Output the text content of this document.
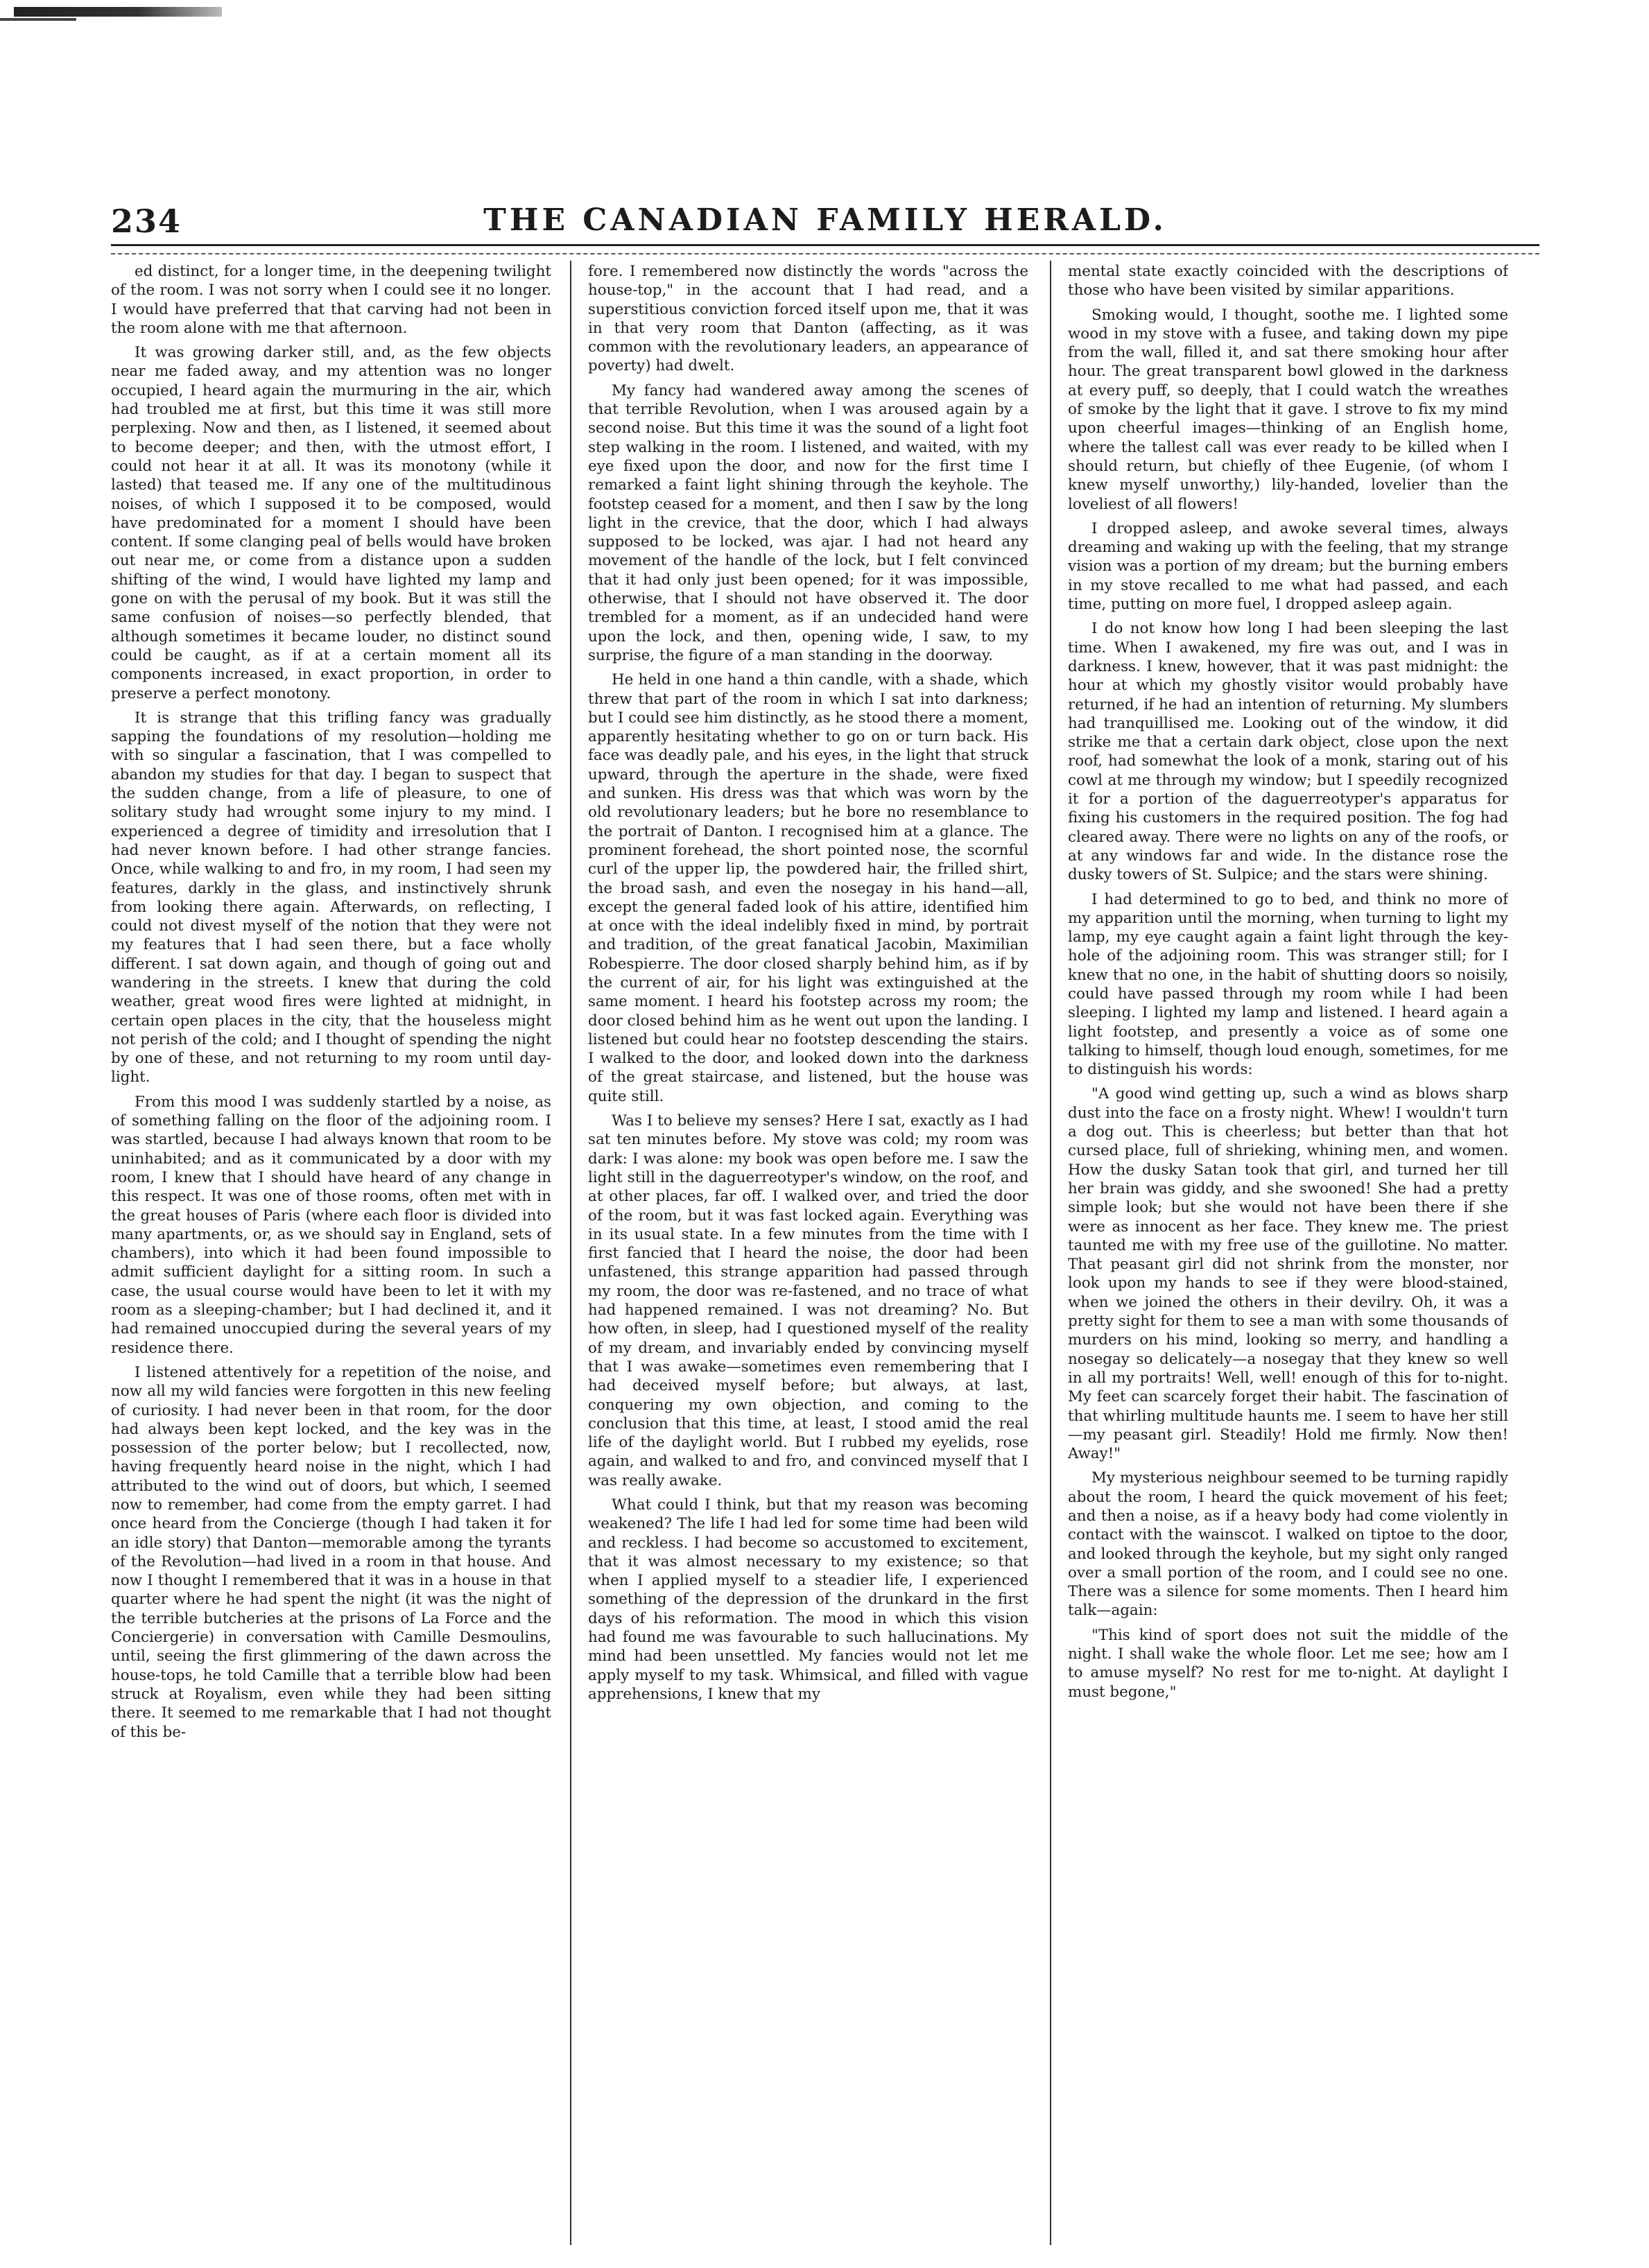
234	THE CANADIAN FAMILY HERALD.

ed distinct, for a longer time, in the deepening twilight of the room. I was not sorry when I could see it no longer. I would have preferred that that carving had not been in the room alone with me that afternoon.

It was growing darker still, and, as the few objects near me faded away, and my attention was no longer occupied, I heard again the murmuring in the air, which had troubled me at first, but this time it was still more perplexing. Now and then, as I listened, it seemed about to become deeper; and then, with the utmost effort, I could not hear it at all. It was its monotony (while it lasted) that teased me. If any one of the multitudinous noises, of which I supposed it to be composed, would have predominated for a moment I should have been content. If some clanging peal of bells would have broken out near me, or come from a distance upon a sudden shifting of the wind, I would have lighted my lamp and gone on with the perusal of my book. But it was still the same confusion of noises—so perfectly blended, that although sometimes it became louder, no distinct sound could be caught, as if at a certain moment all its components increased, in exact proportion, in order to preserve a perfect monotony.

It is strange that this trifling fancy was gradually sapping the foundations of my resolution—holding me with so singular a fascination, that I was compelled to abandon my studies for that day. I began to suspect that the sudden change, from a life of pleasure, to one of solitary study had wrought some injury to my mind. I experienced a degree of timidity and irresolution that I had never known before. I had other strange fancies. Once, while walking to and fro, in my room, I had seen my features, darkly in the glass, and instinctively shrunk from looking there again. Afterwards, on reflecting, I could not divest myself of the notion that they were not my features that I had seen there, but a face wholly different. I sat down again, and though of going out and wandering in the streets. I knew that during the cold weather, great wood fires were lighted at midnight, in certain open places in the city, that the houseless might not perish of the cold; and I thought of spending the night by one of these, and not returning to my room until day-light.

From this mood I was suddenly startled by a noise, as of something falling on the floor of the adjoining room. I was startled, because I had always known that room to be uninhabited; and as it communicated by a door with my room, I knew that I should have heard of any change in this respect. It was one of those rooms, often met with in the great houses of Paris (where each floor is divided into many apartments, or, as we should say in England, sets of chambers), into which it had been found impossible to admit sufficient daylight for a sitting room. In such a case, the usual course would have been to let it with my room as a sleeping-chamber; but I had declined it, and it had remained unoccupied during the several years of my residence there.

I listened attentively for a repetition of the noise, and now all my wild fancies were forgotten in this new feeling of curiosity. I had never been in that room, for the door had always been kept locked, and the key was in the possession of the porter below; but I recollected, now, having frequently heard noise in the night, which I had attributed to the wind out of doors, but which, I seemed now to remember, had come from the empty garret. I had once heard from the Concierge (though I had taken it for an idle story) that Danton—memorable among the tyrants of the Revolution—had lived in a room in that house. And now I thought I remembered that it was in a house in that quarter where he had spent the night (it was the night of the terrible butcheries at the prisons of La Force and the Conciergerie) in conversation with Camille Desmoulins, until, seeing the first glimmering of the dawn across the house-tops, he told Camille that a terrible blow had been struck at Royalism, even while they had been sitting there. It seemed to me remarkable that I had not thought of this be-

fore. I remembered now distinctly the words "across the house-top," in the account that I had read, and a superstitious conviction forced itself upon me, that it was in that very room that Danton (affecting, as it was common with the revolutionary leaders, an appearance of poverty) had dwelt.

My fancy had wandered away among the scenes of that terrible Revolution, when I was aroused again by a second noise. But this time it was the sound of a light foot step walking in the room. I listened, and waited, with my eye fixed upon the door, and now for the first time I remarked a faint light shining through the keyhole. The footstep ceased for a moment, and then I saw by the long light in the crevice, that the door, which I had always supposed to be locked, was ajar. I had not heard any movement of the handle of the lock, but I felt convinced that it had only just been opened; for it was impossible, otherwise, that I should not have observed it. The door trembled for a moment, as if an undecided hand were upon the lock, and then, opening wide, I saw, to my surprise, the figure of a man standing in the doorway.

He held in one hand a thin candle, with a shade, which threw that part of the room in which I sat into darkness; but I could see him distinctly, as he stood there a moment, apparently hesitating whether to go on or turn back. His face was deadly pale, and his eyes, in the light that struck upward, through the aperture in the shade, were fixed and sunken. His dress was that which was worn by the old revolutionary leaders; but he bore no resemblance to the portrait of Danton. I recognised him at a glance. The prominent forehead, the short pointed nose, the scornful curl of the upper lip, the powdered hair, the frilled shirt, the broad sash, and even the nosegay in his hand—all, except the general faded look of his attire, identified him at once with the ideal indelibly fixed in mind, by portrait and tradition, of the great fanatical Jacobin, Maximilian Robespierre. The door closed sharply behind him, as if by the current of air, for his light was extinguished at the same moment. I heard his footstep across my room; the door closed behind him as he went out upon the landing. I listened but could hear no footstep descending the stairs. I walked to the door, and looked down into the darkness of the great staircase, and listened, but the house was quite still.

Was I to believe my senses? Here I sat, exactly as I had sat ten minutes before. My stove was cold; my room was dark: I was alone: my book was open before me. I saw the light still in the daguerreotyper's window, on the roof, and at other places, far off. I walked over, and tried the door of the room, but it was fast locked again. Everything was in its usual state. In a few minutes from the time with I first fancied that I heard the noise, the door had been unfastened, this strange apparition had passed through my room, the door was re-fastened, and no trace of what had happened remained. I was not dreaming? No. But how often, in sleep, had I questioned myself of the reality of my dream, and invariably ended by convincing myself that I was awake—sometimes even remembering that I had deceived myself before; but always, at last, conquering my own objection, and coming to the conclusion that this time, at least, I stood amid the real life of the daylight world. But I rubbed my eyelids, rose again, and walked to and fro, and convinced myself that I was really awake.

What could I think, but that my reason was becoming weakened? The life I had led for some time had been wild and reckless. I had become so accustomed to excitement, that it was almost necessary to my existence; so that when I applied myself to a steadier life, I experienced something of the depression of the drunkard in the first days of his reformation. The mood in which this vision had found me was favourable to such hallucinations. My mind had been unsettled. My fancies would not let me apply myself to my task. Whimsical, and filled with vague apprehensions, I knew that my

mental state exactly coincided with the descriptions of those who have been visited by similar apparitions.

Smoking would, I thought, soothe me. I lighted some wood in my stove with a fusee, and taking down my pipe from the wall, filled it, and sat there smoking hour after hour. The great transparent bowl glowed in the darkness at every puff, so deeply, that I could watch the wreathes of smoke by the light that it gave. I strove to fix my mind upon cheerful images—thinking of an English home, where the tallest call was ever ready to be killed when I should return, but chiefly of thee Eugenie, (of whom I knew myself unworthy,) lily-handed, lovelier than the loveliest of all flowers!

I dropped asleep, and awoke several times, always dreaming and waking up with the feeling, that my strange vision was a portion of my dream; but the burning embers in my stove recalled to me what had passed, and each time, putting on more fuel, I dropped asleep again.

I do not know how long I had been sleeping the last time. When I awakened, my fire was out, and I was in darkness. I knew, however, that it was past midnight: the hour at which my ghostly visitor would probably have returned, if he had an intention of returning. My slumbers had tranquillised me. Looking out of the window, it did strike me that a certain dark object, close upon the next roof, had somewhat the look of a monk, staring out of his cowl at me through my window; but I speedily recognized it for a portion of the daguerreotyper's apparatus for fixing his customers in the required position. The fog had cleared away. There were no lights on any of the roofs, or at any windows far and wide. In the distance rose the dusky towers of St. Sulpice; and the stars were shining.

I had determined to go to bed, and think no more of my apparition until the morning, when turning to light my lamp, my eye caught again a faint light through the key-hole of the adjoining room. This was stranger still; for I knew that no one, in the habit of shutting doors so noisily, could have passed through my room while I had been sleeping. I lighted my lamp and listened. I heard again a light footstep, and presently a voice as of some one talking to himself, though loud enough, sometimes, for me to distinguish his words:

"A good wind getting up, such a wind as blows sharp dust into the face on a frosty night. Whew! I wouldn't turn a dog out. This is cheerless; but better than that hot cursed place, full of shrieking, whining men, and women. How the dusky Satan took that girl, and turned her till her brain was giddy, and she swooned! She had a pretty simple look; but she would not have been there if she were as innocent as her face. They knew me. The priest taunted me with my free use of the guillotine. No matter. That peasant girl did not shrink from the monster, nor look upon my hands to see if they were blood-stained, when we joined the others in their devilry. Oh, it was a pretty sight for them to see a man with some thousands of murders on his mind, looking so merry, and handling a nosegay so delicately—a nosegay that they knew so well in all my portraits! Well, well! enough of this for to-night. My feet can scarcely forget their habit. The fascination of that whirling multitude haunts me. I seem to have her still—my peasant girl. Steadily! Hold me firmly. Now then! Away!"

My mysterious neighbour seemed to be turning rapidly about the room, I heard the quick movement of his feet; and then a noise, as if a heavy body had come violently in contact with the wainscot. I walked on tiptoe to the door, and looked through the keyhole, but my sight only ranged over a small portion of the room, and I could see no one. There was a silence for some moments. Then I heard him talk—again:

"This kind of sport does not suit the middle of the night. I shall wake the whole floor. Let me see; how am I to amuse myself? No rest for me to-night. At daylight I must begone,"
